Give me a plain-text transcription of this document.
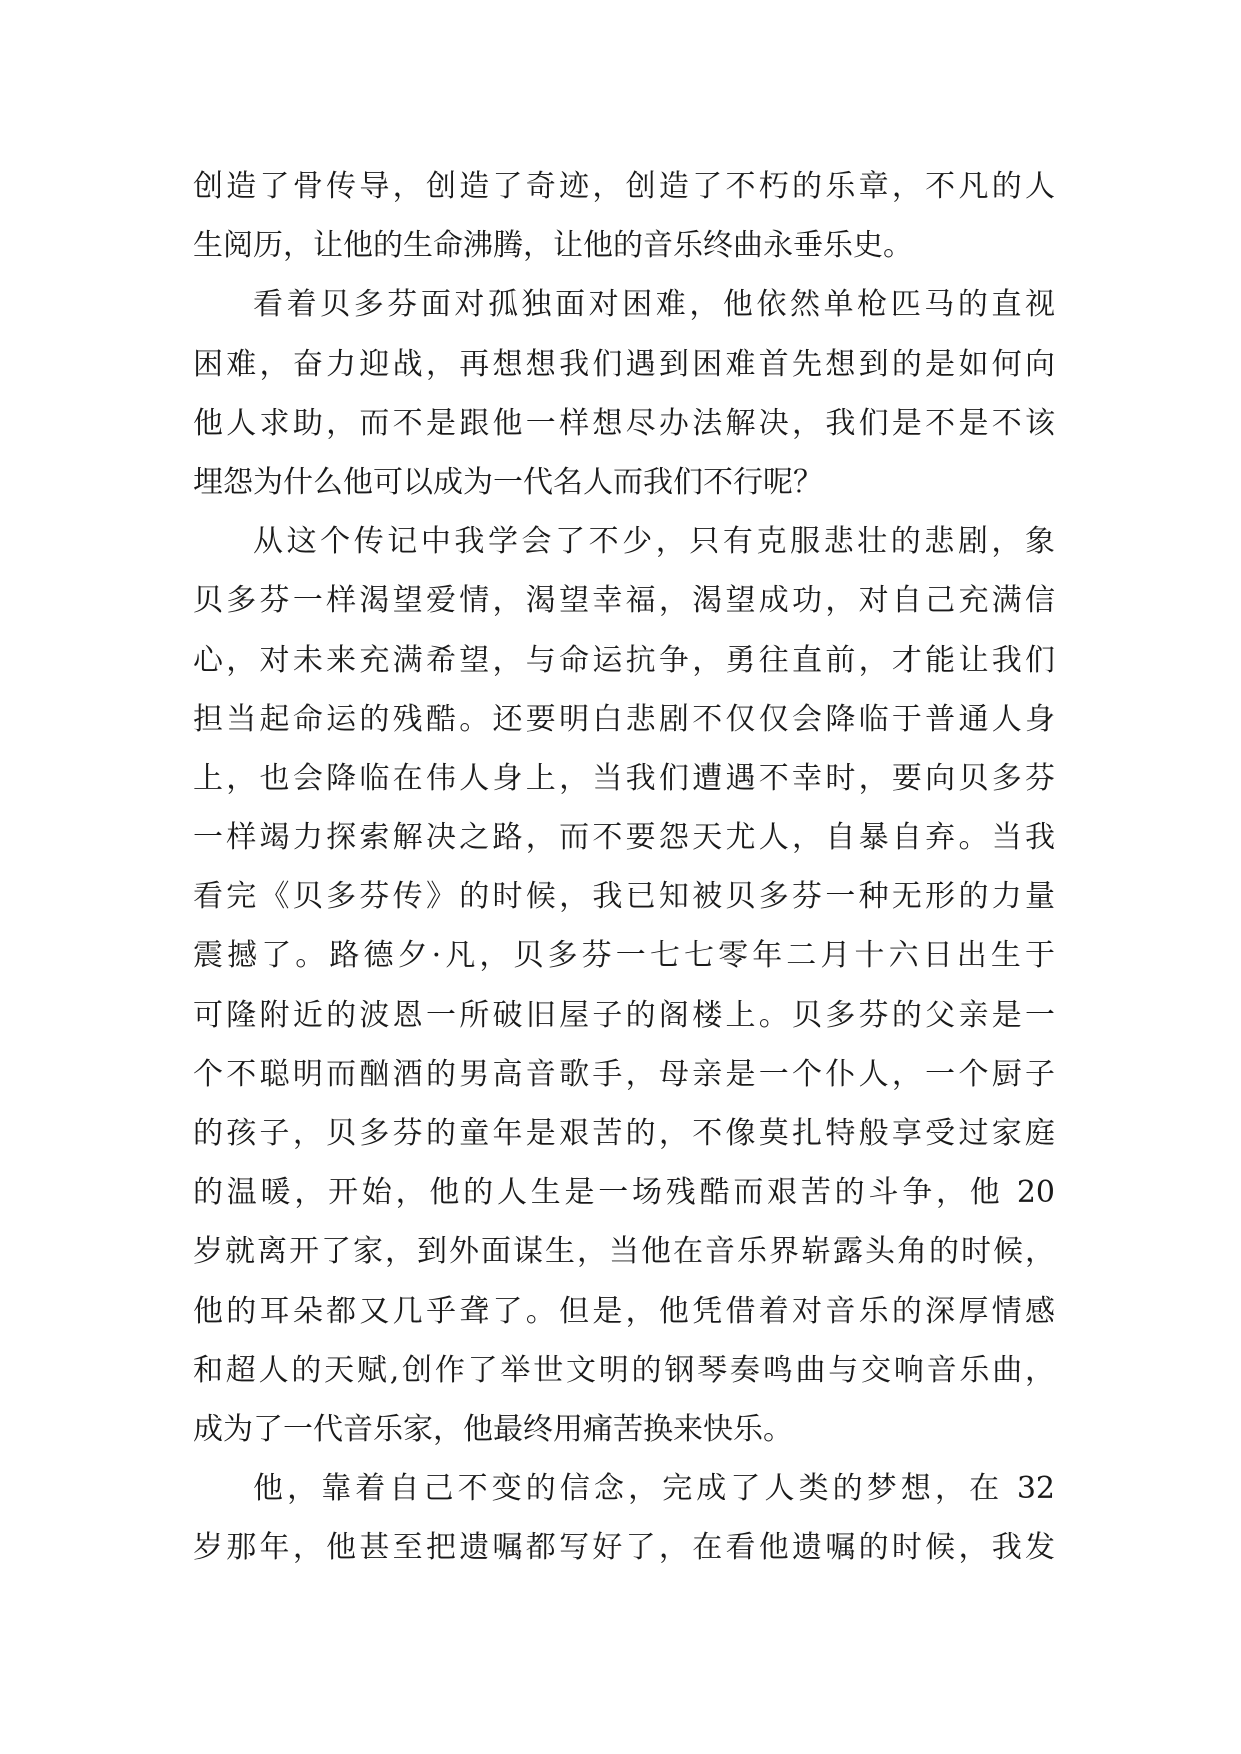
创造了骨传导，创造了奇迹，创造了不朽的乐章，不凡的人
生阅历，让他的生命沸腾，让他的音乐终曲永垂乐史。
看着贝多芬面对孤独面对困难，他依然单枪匹马的直视
困难，奋力迎战，再想想我们遇到困难首先想到的是如何向
他人求助，而不是跟他一样想尽办法解决，我们是不是不该
埋怨为什么他可以成为一代名人而我们不行呢？
从这个传记中我学会了不少，只有克服悲壮的悲剧，象
贝多芬一样渴望爱情，渴望幸福，渴望成功，对自己充满信
心，对未来充满希望，与命运抗争，勇往直前，才能让我们
担当起命运的残酷。还要明白悲剧不仅仅会降临于普通人身
上，也会降临在伟人身上，当我们遭遇不幸时，要向贝多芬
一样竭力探索解决之路，而不要怨天尤人，自暴自弃。当我
看完《贝多芬传》的时候，我已知被贝多芬一种无形的力量
震撼了。路德夕·凡，贝多芬一七七零年二月十六日出生于
可隆附近的波恩一所破旧屋子的阁楼上。贝多芬的父亲是一
个不聪明而酗酒的男高音歌手，母亲是一个仆人，一个厨子
的孩子，贝多芬的童年是艰苦的，不像莫扎特般享受过家庭
的温暖，开始，他的人生是一场残酷而艰苦的斗争，他 20
岁就离开了家，到外面谋生，当他在音乐界崭露头角的时候，
他的耳朵都又几乎聋了。但是，他凭借着对音乐的深厚情感
和超人的天赋,创作了举世文明的钢琴奏鸣曲与交响音乐曲，
成为了一代音乐家，他最终用痛苦换来快乐。
他，靠着自己不变的信念，完成了人类的梦想，在 32
岁那年，他甚至把遗嘱都写好了，在看他遗嘱的时候，我发
